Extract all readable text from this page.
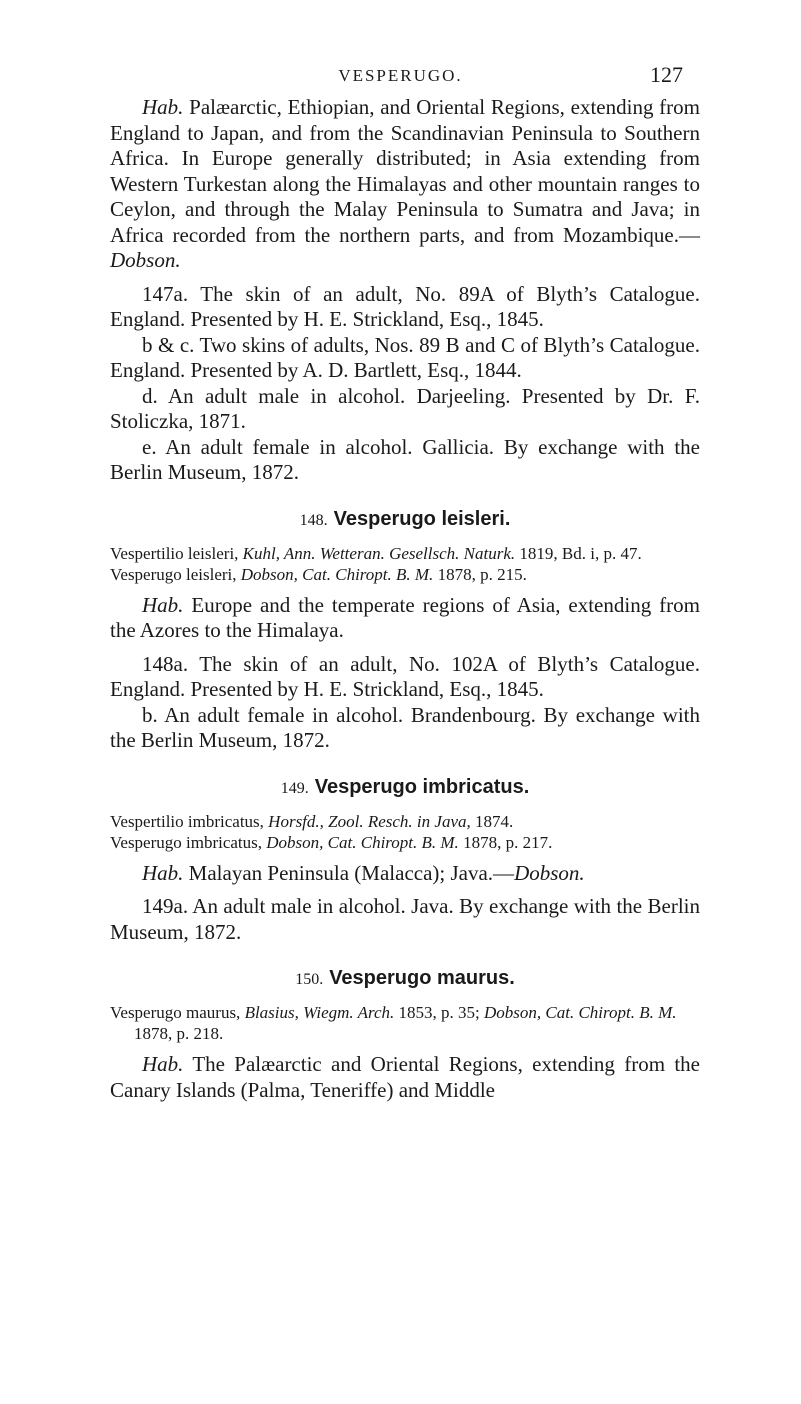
VESPERUGO.	127

Hab. Palæarctic, Ethiopian, and Oriental Regions, extending from England to Japan, and from the Scandinavian Peninsula to Southern Africa. In Europe generally distributed; in Asia extending from Western Turkestan along the Himalayas and other mountain ranges to Ceylon, and through the Malay Peninsula to Sumatra and Java; in Africa recorded from the northern parts, and from Mozambique.—Dobson.

147a. The skin of an adult, No. 89A of Blyth’s Catalogue. England. Presented by H. E. Strickland, Esq., 1845.

b & c. Two skins of adults, Nos. 89 B and C of Blyth’s Catalogue. England. Presented by A. D. Bartlett, Esq., 1844.

d. An adult male in alcohol. Darjeeling. Presented by Dr. F. Stoliczka, 1871.

e. An adult female in alcohol. Gallicia. By exchange with the Berlin Museum, 1872.

148. Vesperugo leisleri.

Vespertilio leisleri, Kuhl, Ann. Wetteran. Gesellsch. Naturk. 1819, Bd. i, p. 47.

Vesperugo leisleri, Dobson, Cat. Chiropt. B. M. 1878, p. 215.

Hab. Europe and the temperate regions of Asia, extending from the Azores to the Himalaya.

148a. The skin of an adult, No. 102A of Blyth’s Catalogue. England. Presented by H. E. Strickland, Esq., 1845.

b. An adult female in alcohol. Brandenbourg. By exchange with the Berlin Museum, 1872.

149. Vesperugo imbricatus.

Vespertilio imbricatus, Horsfd., Zool. Resch. in Java, 1874.

Vesperugo imbricatus, Dobson, Cat. Chiropt. B. M. 1878, p. 217.

Hab. Malayan Peninsula (Malacca); Java.—Dobson.

149a. An adult male in alcohol. Java. By exchange with the Berlin Museum, 1872.

150. Vesperugo maurus.

Vesperugo maurus, Blasius, Wiegm. Arch. 1853, p. 35; Dobson, Cat. Chiropt. B. M. 1878, p. 218.

Hab. The Palæarctic and Oriental Regions, extending from the Canary Islands (Palma, Teneriffe) and Middle
